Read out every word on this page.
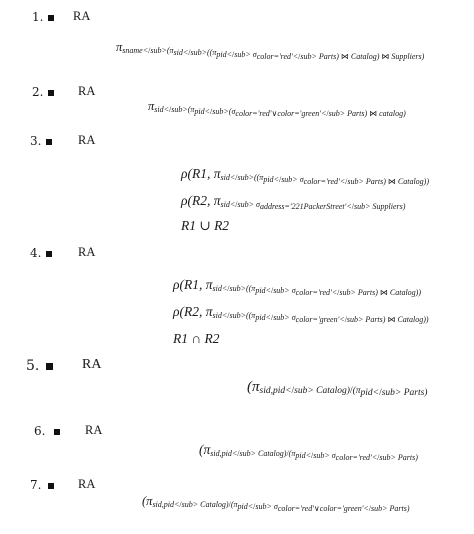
1. RA
$\pi_{sname</sub>(\pi_{sid</sub>((\pi_{pid</sub> \sigma_{color='red'</sub> Parts) ⋈ Catalog) ⋈ Suppliers)}}}}$
2.	RA
$\pi_{sid</sub>(\pi_{pid</sub>(\sigma_{color='red'\vee color='green'</sub> Parts) ⋈ catalog)}}}$
3.	RA
ρ(R1, $\pi_{sid</sub>((\pi_{pid</sub> \sigma_{color='red'</sub> Parts) ⋈ Catalog))}}}$
ρ(R2, $\pi_{sid</sub> \sigma_{address='221PackerStreet'</sub> Suppliers)}}$
R1 ∪ R2
4.	RA
ρ(R1, $\pi_{sid</sub>((\pi_{pid</sub> \sigma_{color='red'</sub> Parts) ⋈ Catalog))}}}$
ρ(R2, $\pi_{sid</sub>((\pi_{pid</sub> \sigma_{color='green'</sub> Parts) ⋈ Catalog))}}}$
R1 ∩ R2
5.	RA
($\pi_{sid,pid</sub> Catalog)/(\pi_{pid</sub> Parts)}}$
6.	RA
($\pi_{sid,pid</sub> Catalog)/(\pi_{pid</sub> \sigma_{color='red'</sub> Parts)}}}$
7.	RA
($\pi_{sid,pid</sub> Catalog)/(\pi_{pid</sub> \sigma_{color='red'\vee color='green'</sub> Parts)}}}$
